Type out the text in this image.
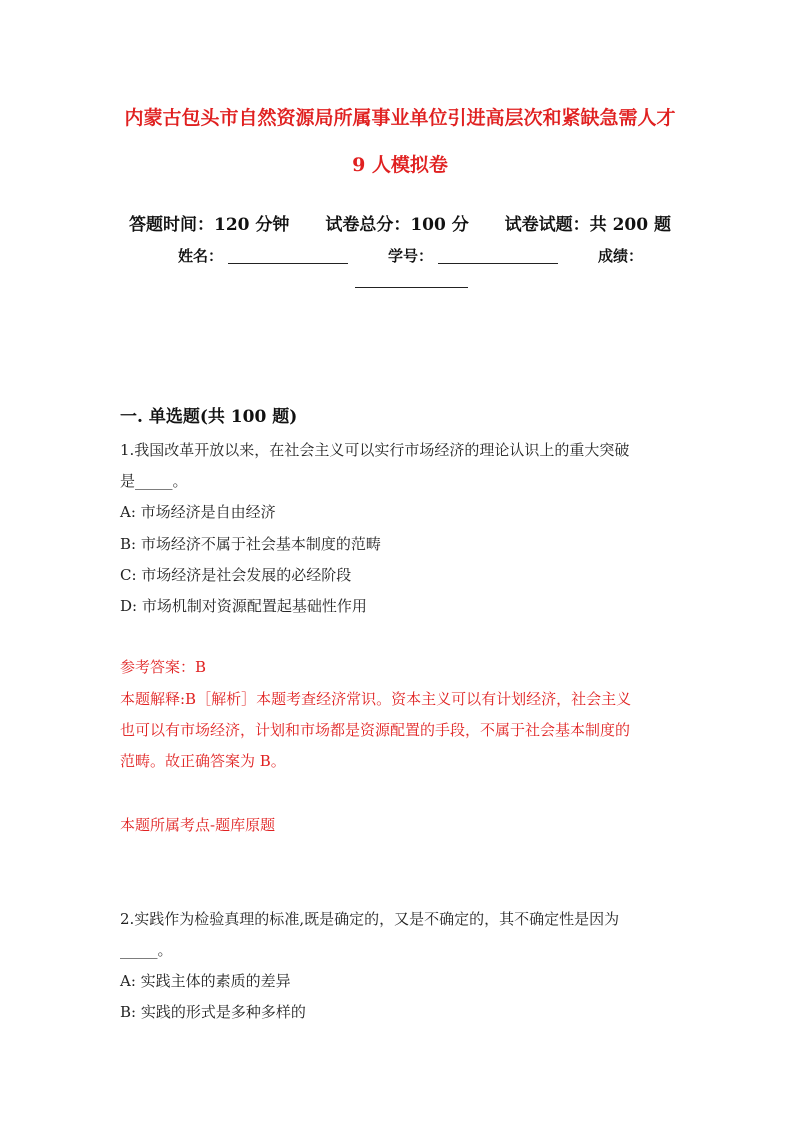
内蒙古包头市自然资源局所属事业单位引进高层次和紧缺急需人才
9 人模拟卷
答题时间：120 分钟 试卷总分：100 分 试卷试题：共 200 题
姓名：	学号：	成绩：
一. 单选题(共 100 题)
1.我国改革开放以来，在社会主义可以实行市场经济的理论认识上的重大突破
是_____。
A: 市场经济是自由经济
B: 市场经济不属于社会基本制度的范畴
C: 市场经济是社会发展的必经阶段
D: 市场机制对资源配置起基础性作用
参考答案：B
本题解释:B［解析］本题考查经济常识。资本主义可以有计划经济，社会主义
也可以有市场经济，计划和市场都是资源配置的手段，不属于社会基本制度的
范畴。故正确答案为 B。
本题所属考点-题库原题
2.实践作为检验真理的标准,既是确定的，又是不确定的，其不确定性是因为
_____。
A: 实践主体的素质的差异
B: 实践的形式是多种多样的
